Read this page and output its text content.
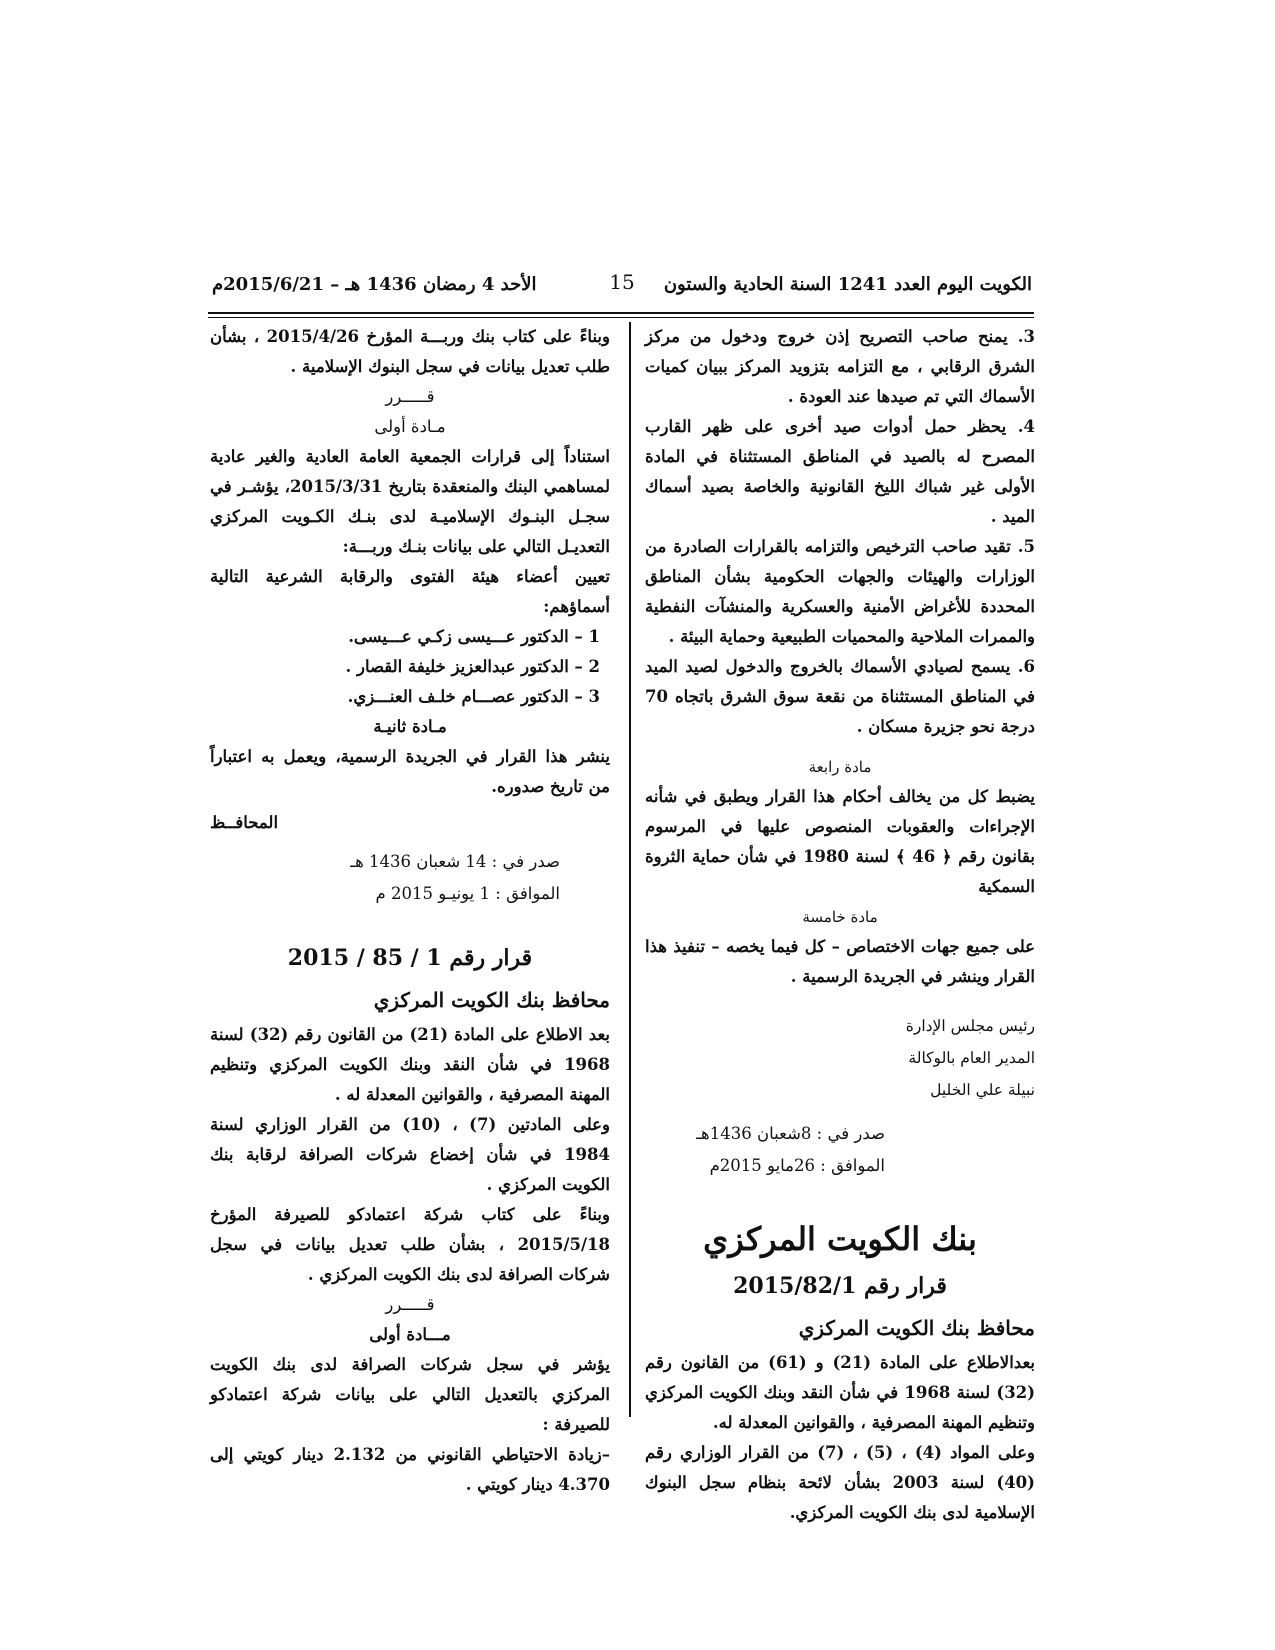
الكويت اليوم العدد 1241 السنة الحادية والستون
15
الأحد 4 رمضان 1436 هـ – 2015/6/21م

3. يمنح صاحب التصريح إذن خروج ودخول من مركز الشرق الرقابي ، مع التزامه بتزويد المركز ببيان كميات الأسماك التي تم صيدها عند العودة .

4. يحظر حمل أدوات صيد أخرى على ظهر القارب المصرح له بالصيد في المناطق المستثناة في المادة الأولى غير شباك الليخ القانونية والخاصة بصيد أسماك الميد .

5. تقيد صاحب الترخيص والتزامه بالقرارات الصادرة من الوزارات والهيئات والجهات الحكومية بشأن المناطق المحددة للأغراض الأمنية والعسكرية والمنشآت النفطية والممرات الملاحية والمحميات الطبيعية وحماية البيئة .

6. يسمح لصيادي الأسماك بالخروج والدخول لصيد الميد في المناطق المستثناة من نقعة سوق الشرق باتجاه 70 درجة نحو جزيرة مسكان .

مادة رابعة

يضبط كل من يخالف أحكام هذا القرار ويطبق في شأنه الإجراءات والعقوبات المنصوص عليها في المرسوم بقانون رقم ﴿ 46 ﴾ لسنة 1980 في شأن حماية الثروة السمكية

مادة خامسة

على جميع جهات الاختصاص – كل فيما يخصه – تنفيذ هذا القرار وينشر في الجريدة الرسمية .

رئيس مجلس الإدارة

المدير العام بالوكالة

نبيلة علي الخليل

صدر في : 8شعبان 1436هـ

الموافق : 26مايو 2015م

بنك الكويت المركزي
قرار رقم 2015/82/1
محافظ بنك الكويت المركزي

بعدالاطلاع على المادة (21) و (61) من القانون رقم (32) لسنة 1968 في شأن النقد وبنك الكويت المركزي وتنظيم المهنة المصرفية ، والقوانين المعدلة له.

وعلى المواد (4) ، (5) ، (7) من القرار الوزاري رقم (40) لسنة 2003 بشأن لائحة بنظام سجل البنوك الإسلامية لدى بنك الكويت المركزي.

وبناءً على كتاب بنك وربـــة المؤرخ 2015/4/26 ، بشأن طلب تعديل بيانات في سجل البنوك الإسلامية .

قـــــرر

مـادة أولى

استناداً إلى قرارات الجمعية العامة العادية والغير عادية لمساهمي البنك والمنعقدة بتاريخ 2015/3/31، يؤشـر في سجـل البنـوك الإسلاميـة لدى بنـك الكـويت المركزي التعديـل التالي على بيانات بنـك وربـــة:

تعيين أعضاء هيئة الفتوى والرقابة الشرعية التالية أسماؤهم:

1 – الدكتور عـــيسى زكـي عـــيسى.

2 – الدكتور عبدالعزيز خليفة القصار .

3 – الدكتور عصـــام خلـف العنـــزي.

مـادة ثانيـة

ينشر هذا القرار في الجريدة الرسمية، ويعمل به اعتباراً من تاريخ صدوره.

المحافــظ

صدر في : 14 شعبان 1436 هـ

الموافق : 1 يونيـو 2015 م

قرار رقم 1 / 85 / 2015
محافظ بنك الكويت المركزي

بعد الاطلاع على المادة (21) من القانون رقم (32) لسنة 1968 في شأن النقد وبنك الكويت المركزي وتنظيم المهنة المصرفية ، والقوانين المعدلة له .

وعلى المادتين (7) ، (10) من القرار الوزاري لسنة 1984 في شأن إخضاع شركات الصرافة لرقابة بنك الكويت المركزي .

وبناءً على كتاب شركة اعتمادكو للصيرفة المؤرخ 2015/5/18 ، بشأن طلب تعديل بيانات في سجل شركات الصرافة لدى بنك الكويت المركزي .

قـــــرر

مـــادة أولى

يؤشر في سجل شركات الصرافة لدى بنك الكويت المركزي بالتعديل التالي على بيانات شركة اعتمادكو للصيرفة :

–زيادة الاحتياطي القانوني من 2.132 دينار كويتي إلى 4.370 دينار كويتي .
